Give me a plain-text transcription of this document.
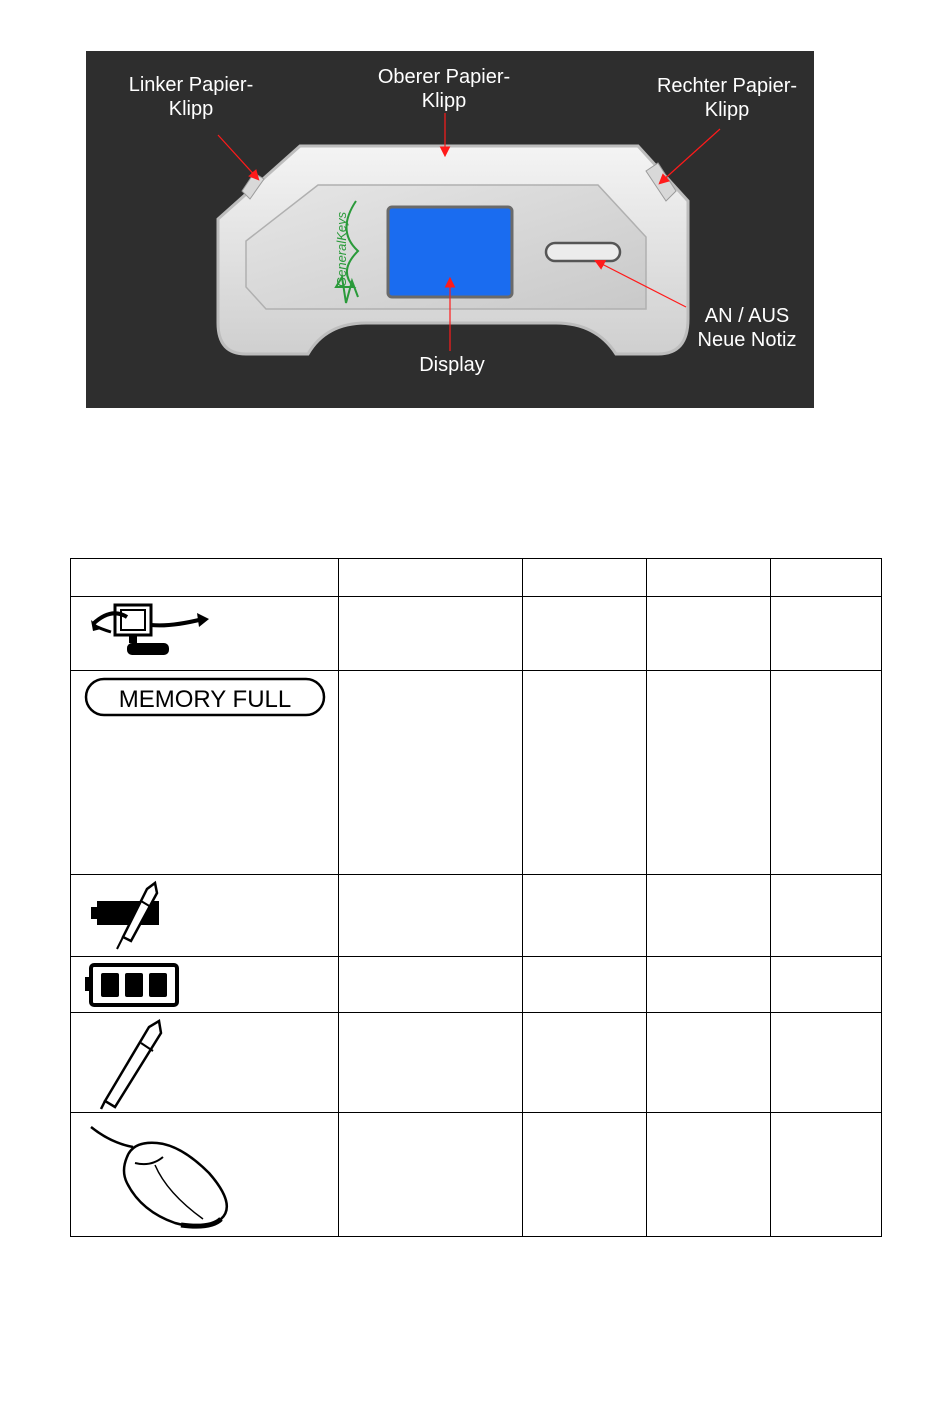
GeneralKeys
Linker Papier-
Klipp
Oberer Papier-
Klipp
Rechter Papier-
Klipp
AN / AUS
Neue Notiz
Display

MEMORY FULL				
